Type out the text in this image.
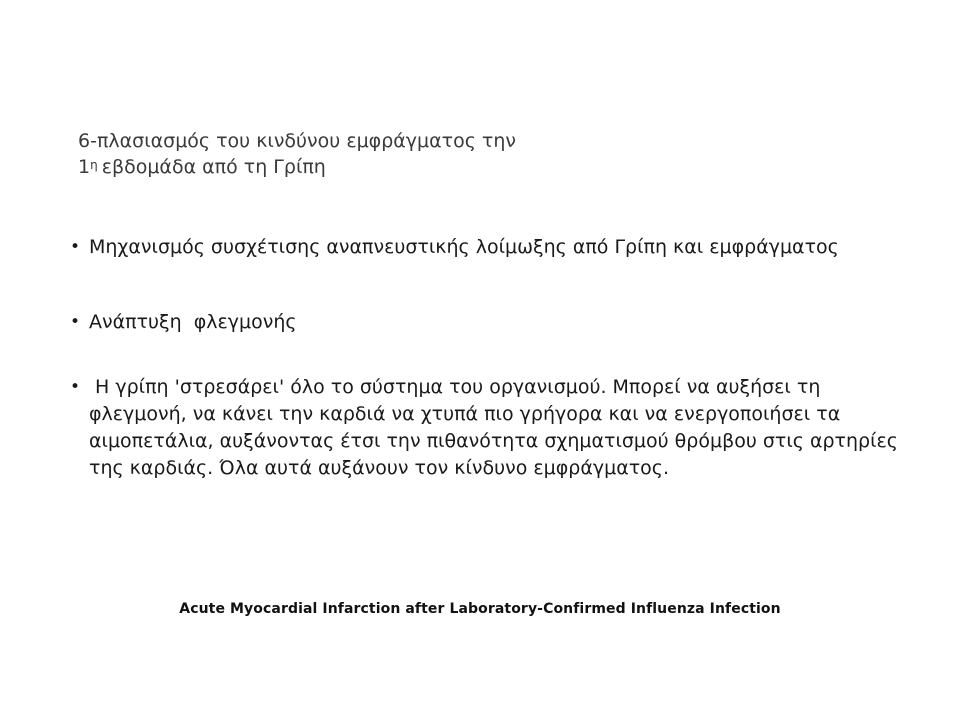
6-πλασιασμός του κινδύνου εμφράγματος την
$1^\eta$ εβδομάδα από τη Γρίπη
• Μηχανισμός συσχέτισης αναπνευστικής λοίμωξης από Γρίπη και εμφράγματος
• Ανάπτυξη  φλεγμονής
• Η γρίπη 'στρεσάρει' όλο το σύστημα του οργανισμού. Μπορεί να αυξήσει τη φλεγμονή, να κάνει την καρδιά να χτυπά πιο γρήγορα και να ενεργοποιήσει τα αιμοπετάλια, αυξάνοντας έτσι την πιθανότητα σχηματισμού θρόμβου στις αρτηρίες της καρδιάς. Όλα αυτά αυξάνουν τον κίνδυνο εμφράγματος.
Acute Myocardial Infarction after Laboratory-Confirmed Influenza Infection
